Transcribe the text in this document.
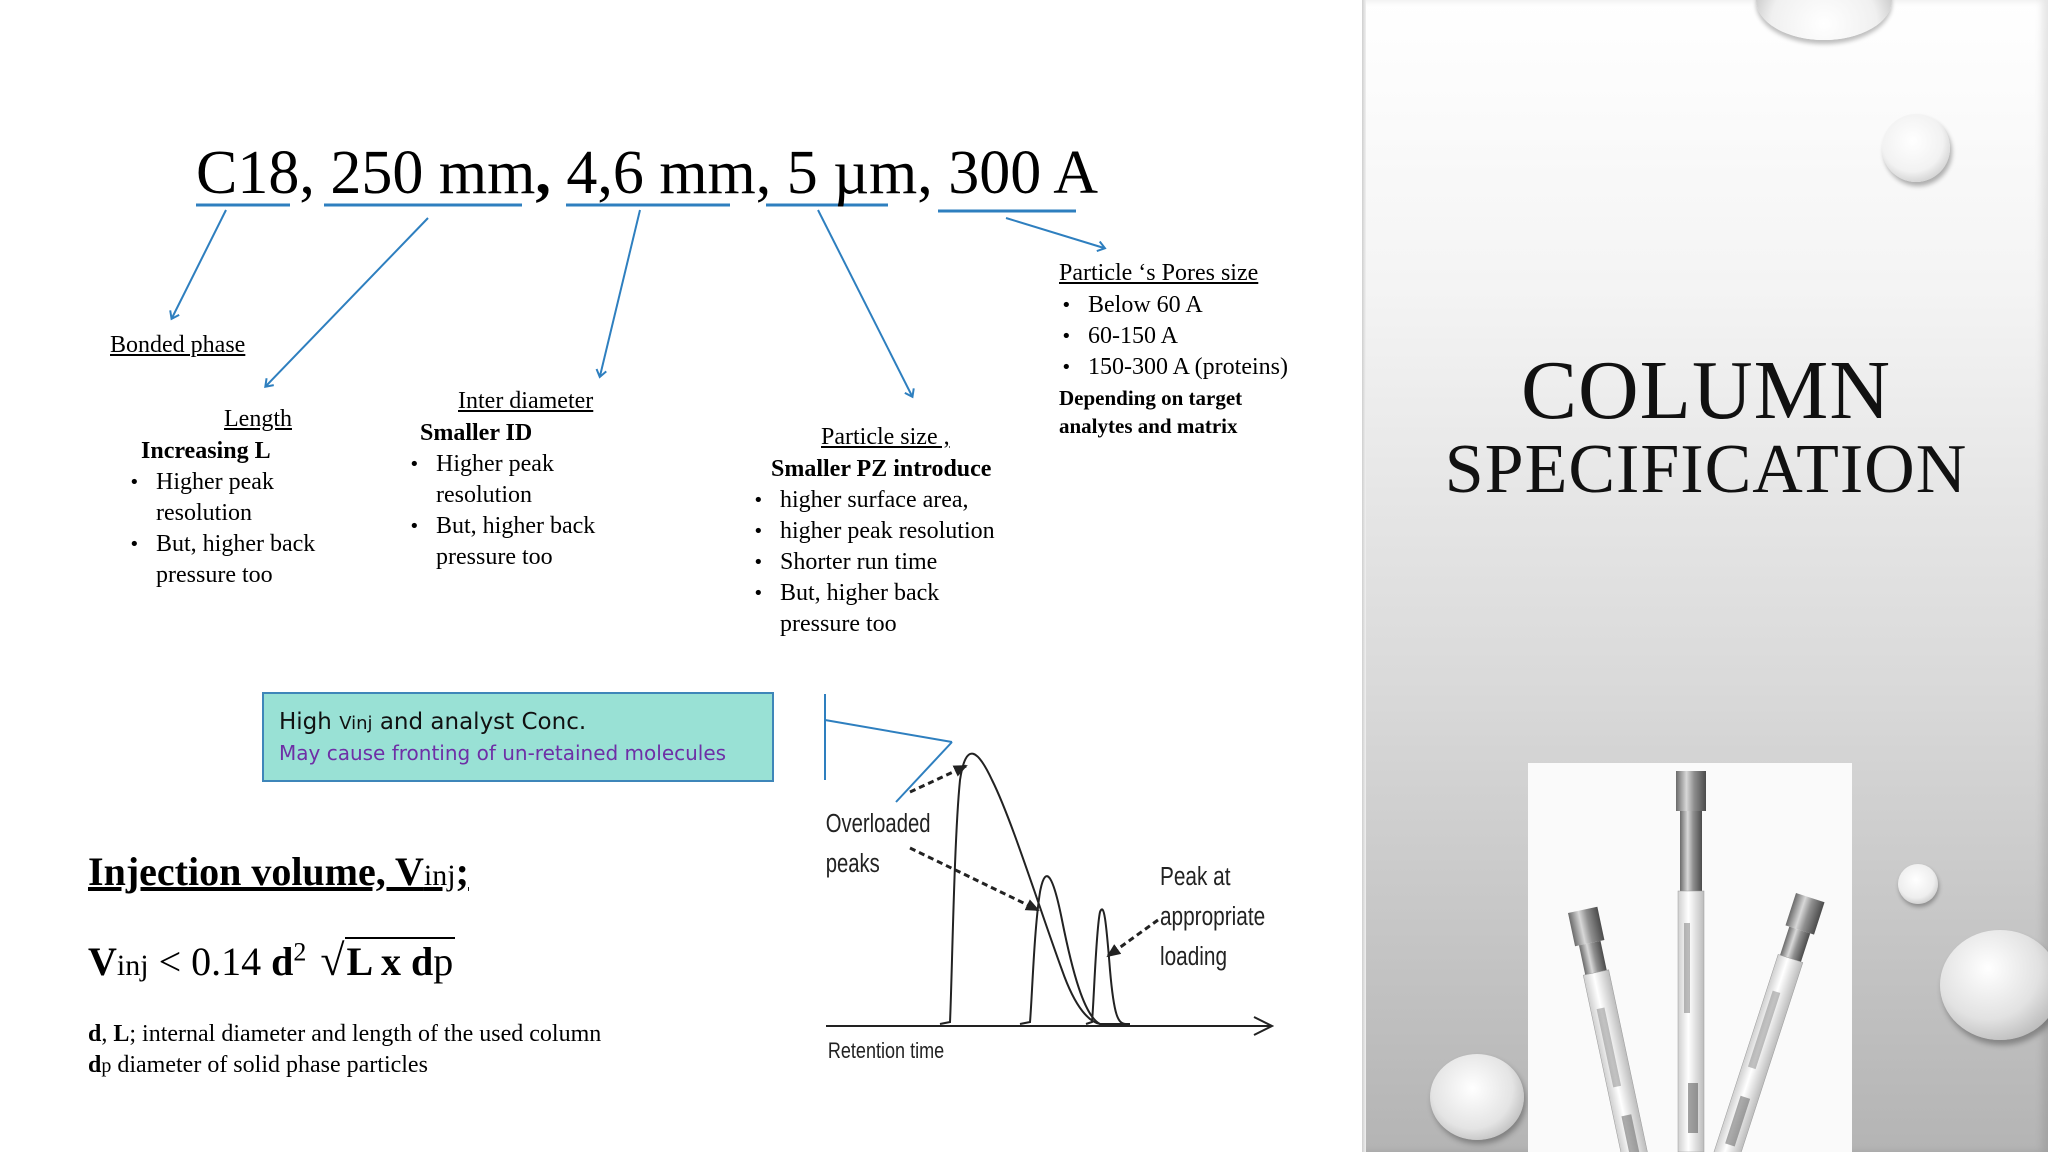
COLUMN
SPECIFICATION
C18, 250 mm, 4,6 mm, 5 µm, 300 A
Bonded phase
Length
Increasing L
• Higher peak resolution
• But, higher back pressure too
Inter diameter
Smaller ID
• Higher peak resolution
• But, higher back pressure too
Particle size ,
Smaller PZ introduce
• higher surface area,
• higher peak resolution
• Shorter run time
• But, higher back pressure too
Particle ‘s Pores size
• Below 60 A
• 60-150 A
• 150-300 A (proteins)
Depending on target
analytes and matrix
High Vinj and analyst Conc.
May cause fronting of un-retained molecules
Injection volume, Vinj;
Vinj < 0.14 $d^2$ √L x dp
d, L; internal diameter and length of the used column
dp diameter of solid phase particles
Overloaded
peaks	Peak at
appropriate
loading
Retention time
